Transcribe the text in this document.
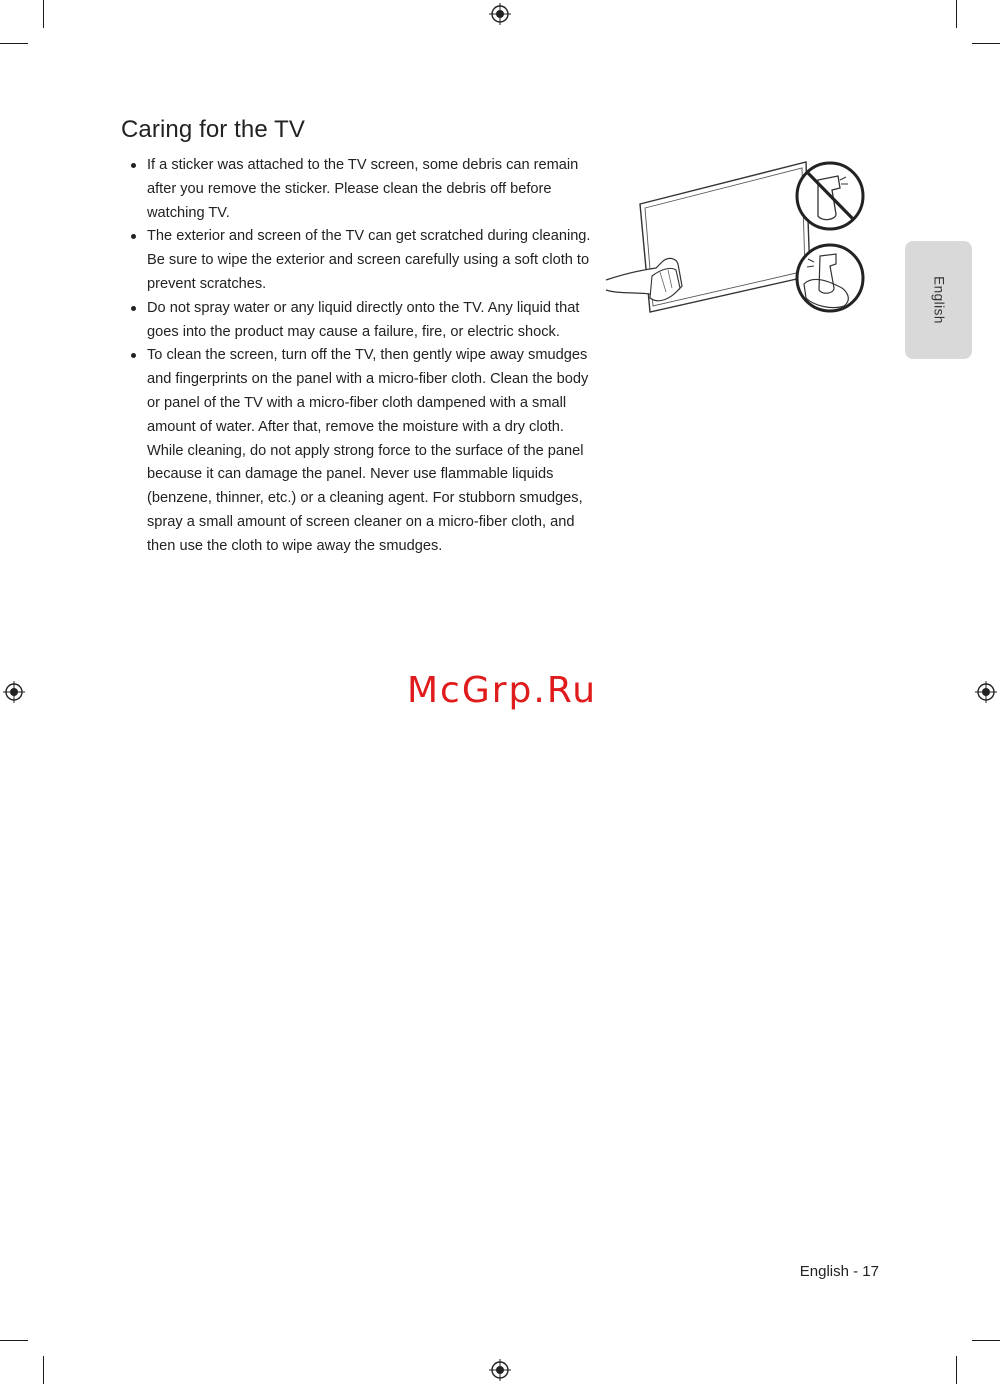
Caring for the TV
If a sticker was attached to the TV screen, some debris can remain after you remove the sticker. Please clean the debris off before watching TV.
The exterior and screen of the TV can get scratched during cleaning. Be sure to wipe the exterior and screen carefully using a soft cloth to prevent scratches.
Do not spray water or any liquid directly onto the TV. Any liquid that goes into the product may cause a failure, fire, or electric shock.
To clean the screen, turn off the TV, then gently wipe away smudges and fingerprints on the panel with a micro-fiber cloth. Clean the body or panel of the TV with a micro-fiber cloth dampened with a small amount of water. After that, remove the moisture with a dry cloth. While cleaning, do not apply strong force to the surface of the panel because it can damage the panel. Never use flammable liquids (benzene, thinner, etc.) or a cleaning agent. For stubborn smudges, spray a small amount of screen cleaner on a micro-fiber cloth, and then use the cloth to wipe away the smudges.
English

McGrp.Ru

English - 17
